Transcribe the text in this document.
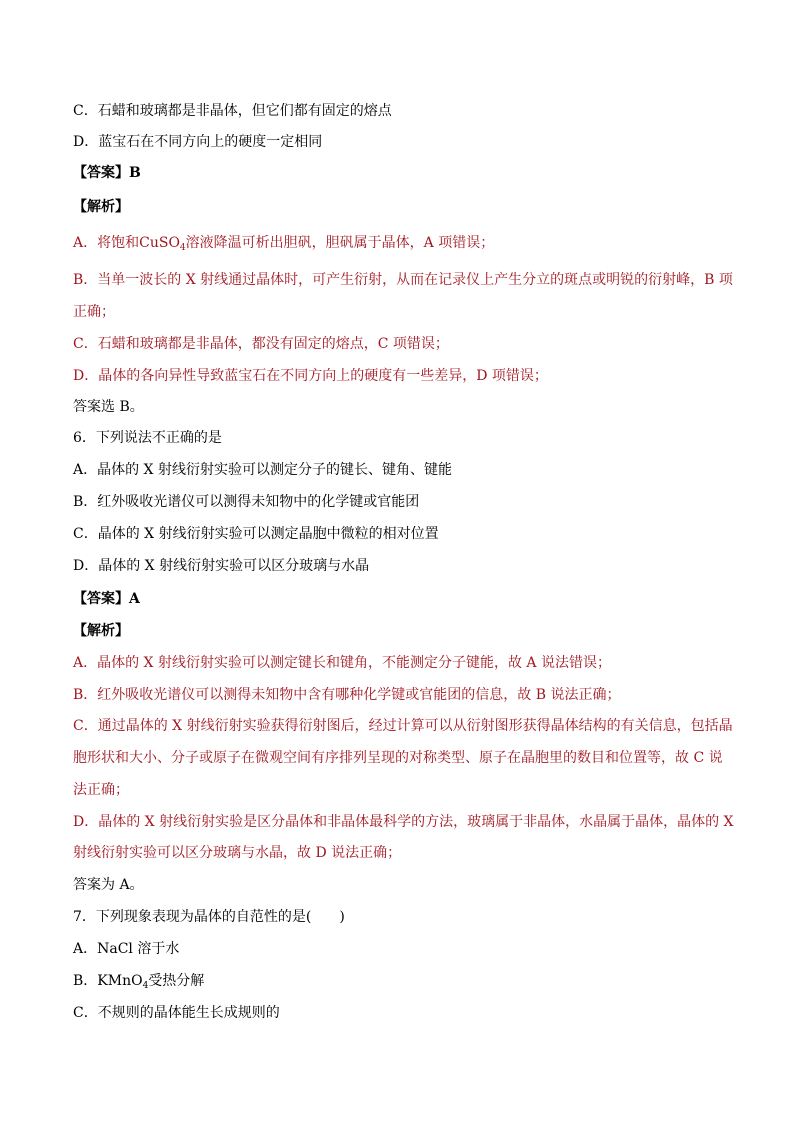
C．石蜡和玻璃都是非晶体，但它们都有固定的熔点
D．蓝宝石在不同方向上的硬度一定相同
【答案】B
【解析】
A．将饱和CuSO$_4$溶液降温可析出胆矾，胆矾属于晶体，A 项错误；
B．当单一波长的 X 射线通过晶体时，可产生衍射，从而在记录仪上产生分立的斑点或明锐的衍射峰，B 项
正确；
C．石蜡和玻璃都是非晶体，都没有固定的熔点，C 项错误；
D．晶体的各向异性导致蓝宝石在不同方向上的硬度有一些差异，D 项错误；
答案选 B。
6．下列说法不正确的是
A．晶体的 X 射线衍射实验可以测定分子的键长、键角、键能
B．红外吸收光谱仪可以测得未知物中的化学键或官能团
C．晶体的 X 射线衍射实验可以测定晶胞中微粒的相对位置
D．晶体的 X 射线衍射实验可以区分玻璃与水晶
【答案】A
【解析】
A．晶体的 X 射线衍射实验可以测定键长和键角，不能测定分子键能，故 A 说法错误；
B．红外吸收光谱仪可以测得未知物中含有哪种化学键或官能团的信息，故 B 说法正确；
C．通过晶体的 X 射线衍射实验获得衍射图后，经过计算可以从衍射图形获得晶体结构的有关信息，包括晶
胞形状和大小、分子或原子在微观空间有序排列呈现的对称类型、原子在晶胞里的数目和位置等，故 C 说
法正确；
D．晶体的 X 射线衍射实验是区分晶体和非晶体最科学的方法，玻璃属于非晶体，水晶属于晶体，晶体的 X
射线衍射实验可以区分玻璃与水晶，故 D 说法正确；
答案为 A。
7．下列现象表现为晶体的自范性的是(　　)
A．NaCl 溶于水
B．KMnO$_4$受热分解
C．不规则的晶体能生长成规则的
